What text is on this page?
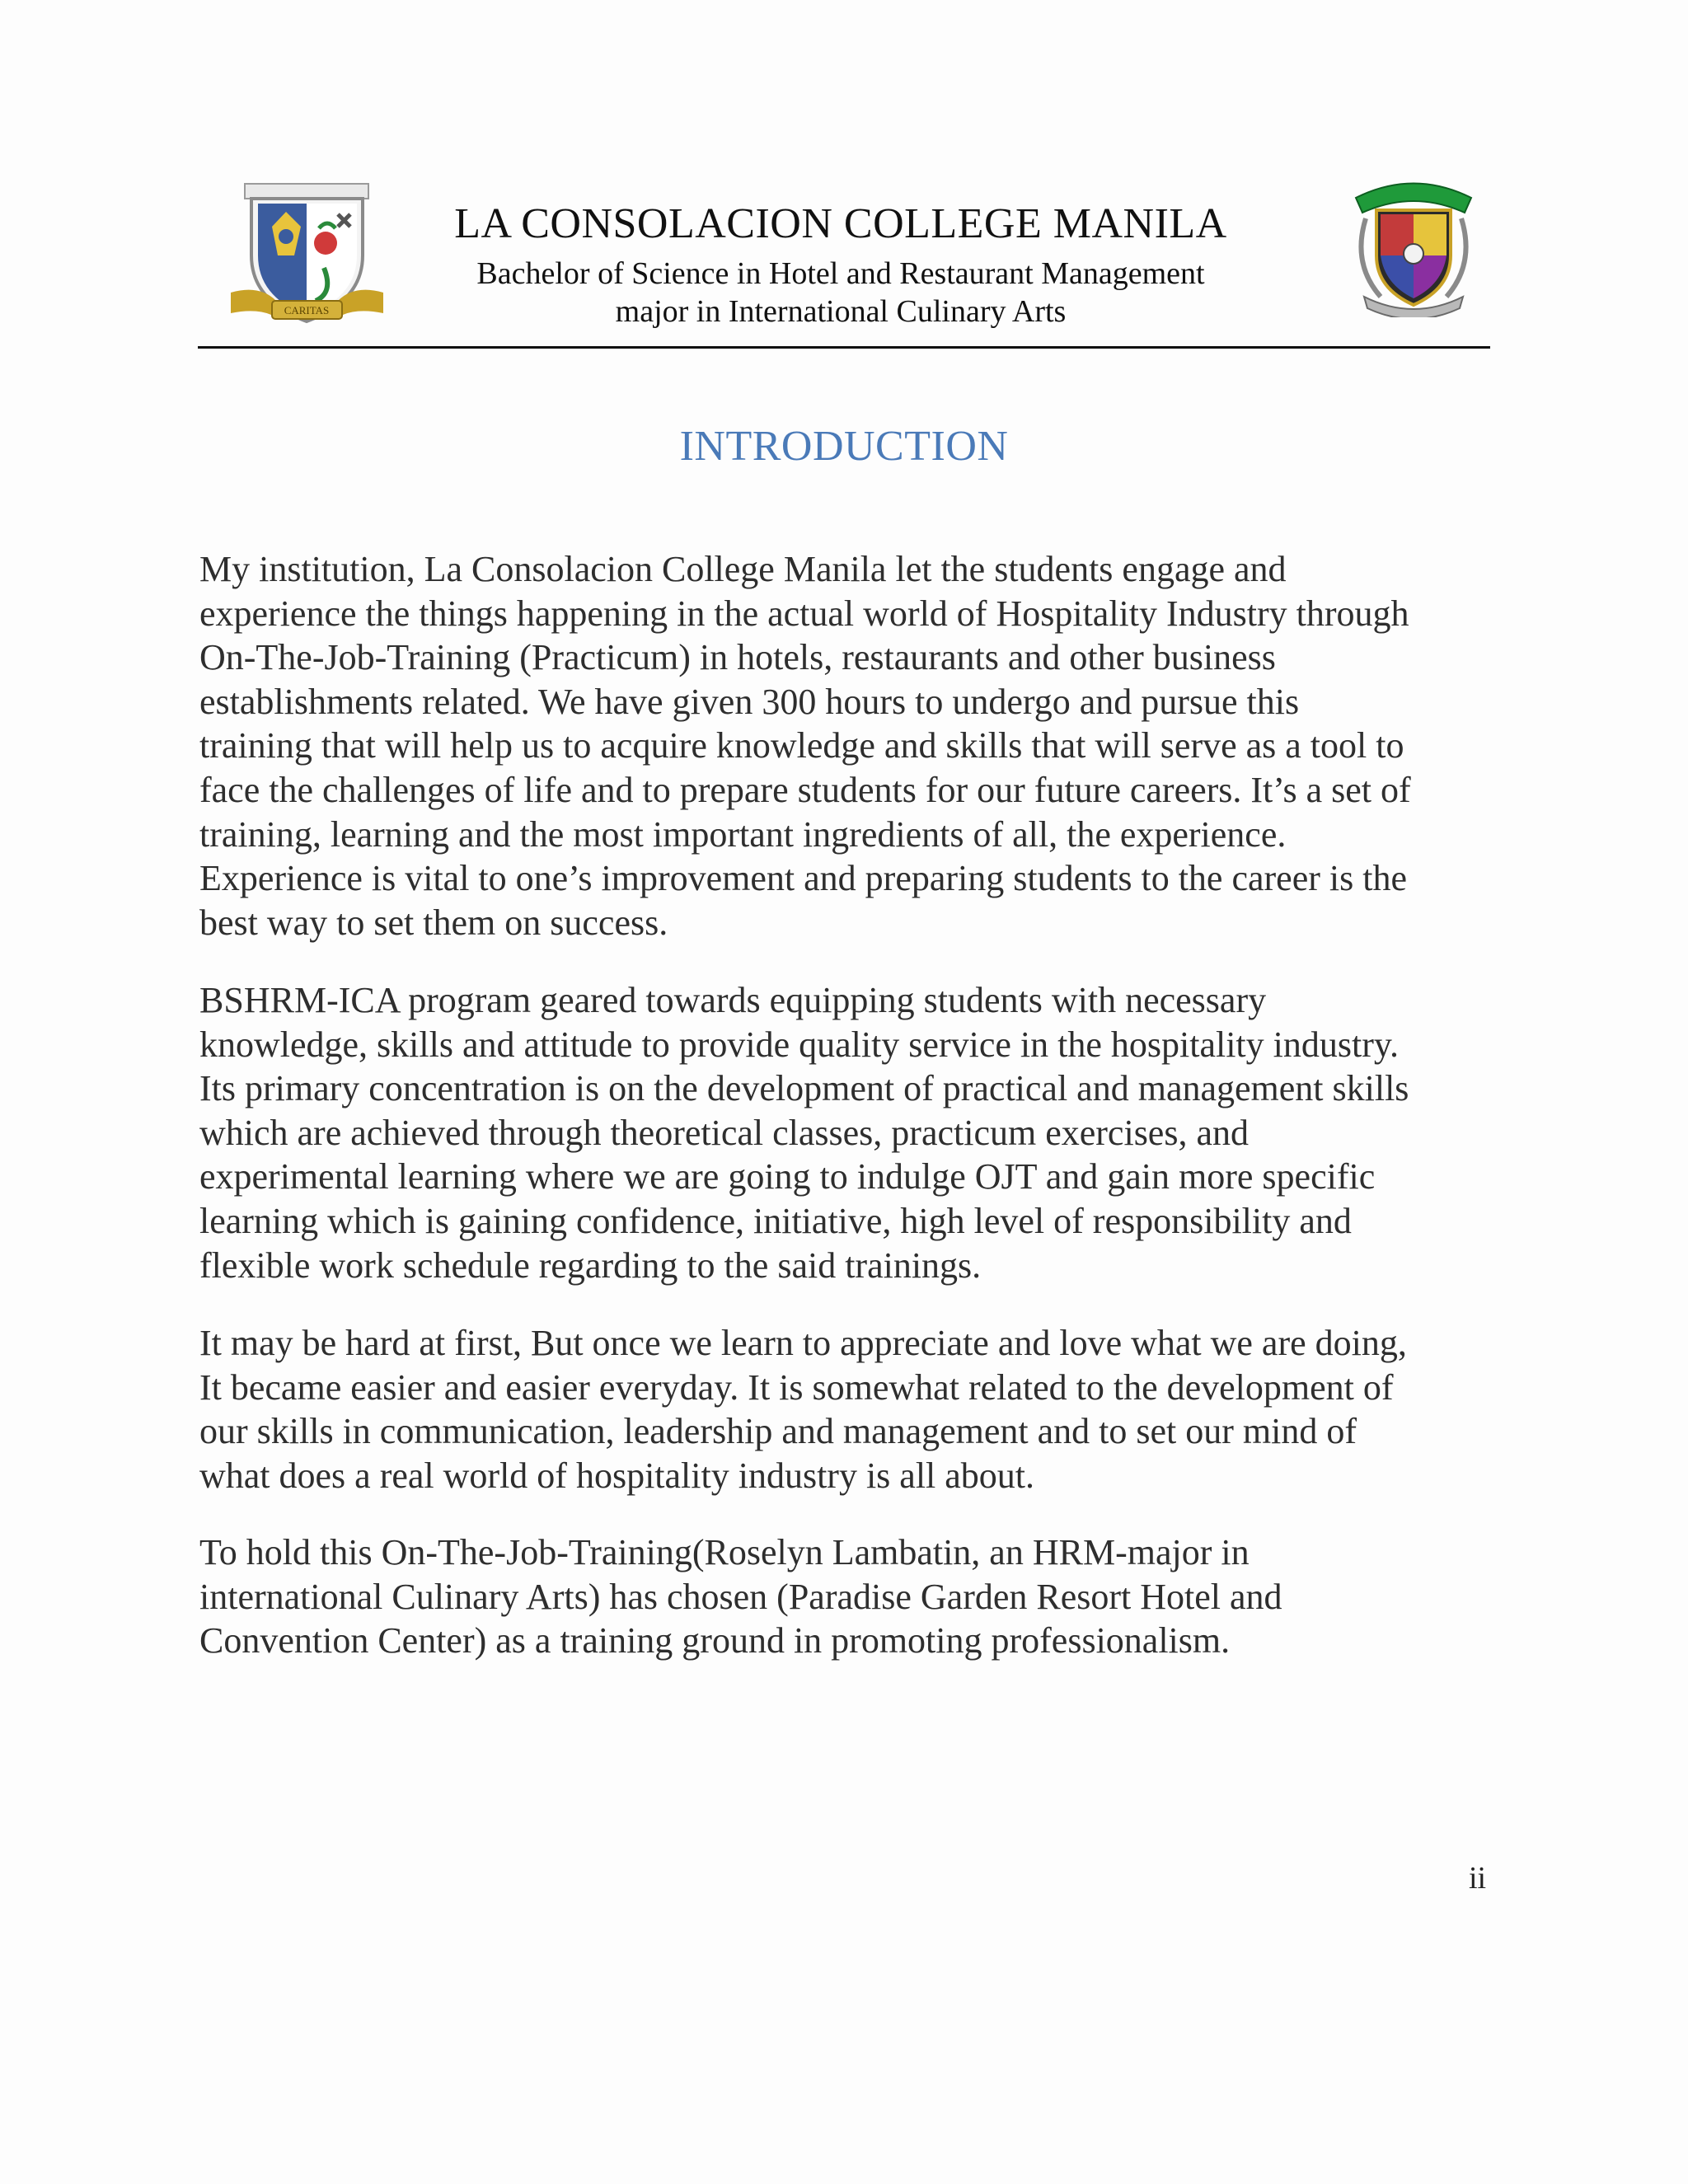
CARITAS
LA CONSOLACION COLLEGE MANILA
Bachelor of Science in Hotel and Restaurant Management
major in International Culinary Arts
INTRODUCTION
My institution, La Consolacion College Manila let the students engage and
experience the things happening in the actual world of Hospitality Industry through
On-The-Job-Training (Practicum) in hotels, restaurants and other business
establishments related. We have given 300 hours to undergo and pursue this
training that will help us to acquire knowledge and skills that will serve as a tool to
face the challenges of life and to prepare students for our future careers. It’s a set of
training, learning and the most important ingredients of all, the experience.
Experience is vital to one’s improvement and preparing students to the career is the
best way to set them on success.
BSHRM-ICA program geared towards equipping students with necessary
knowledge, skills and attitude to provide quality service in the hospitality industry.
Its primary concentration is on the development of practical and management skills
which are achieved through theoretical classes, practicum exercises, and
experimental learning where we are going to indulge OJT and gain more specific
learning which is gaining confidence, initiative, high level of responsibility and
flexible work schedule regarding to the said trainings.
It may be hard at first, But once we learn to appreciate and love what we are doing,
It became easier and easier everyday. It is somewhat related to the development of
our skills in communication, leadership and management and to set our mind of
what does a real world of hospitality industry is all about.
To hold this On-The-Job-Training(Roselyn Lambatin, an HRM-major in
international Culinary Arts) has chosen (Paradise Garden Resort Hotel and
Convention Center) as a training ground in promoting professionalism.
ii
